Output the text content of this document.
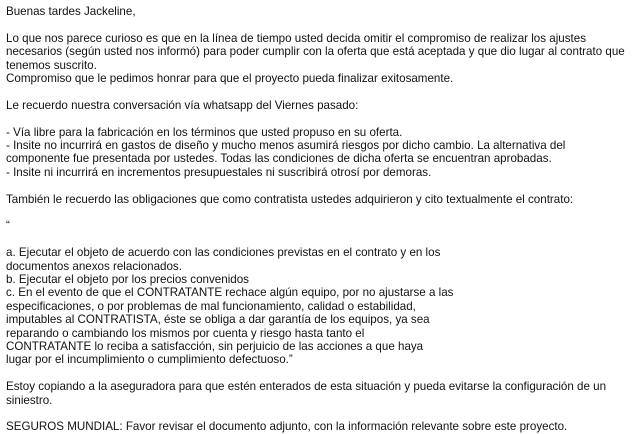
Buenas tardes Jackeline,
Lo que nos parece curioso es que en la línea de tiempo usted decida omitir el compromiso de realizar los ajustes
necesarios (según usted nos informó) para poder cumplir con la oferta que está aceptada y que dio lugar al contrato que
tenemos suscrito.
Compromiso que le pedimos honrar para que el proyecto pueda finalizar exitosamente.
Le recuerdo nuestra conversación vía whatsapp del Viernes pasado:
- Vía libre para la fabricación en los términos que usted propuso en su oferta.
- Insite no incurrirá en gastos de diseño y mucho menos asumirá riesgos por dicho cambio. La alternativa del
componente fue presentada por ustedes. Todas las condiciones de dicha oferta se encuentran aprobadas.
- Insite ni incurrirá en incrementos presupuestales ni suscribirá otrosí por demoras.
También le recuerdo las obligaciones que como contratista ustedes adquirieron y cito textualmente el contrato:
“
a. Ejecutar el objeto de acuerdo con las condiciones previstas en el contrato y en los
documentos anexos relacionados.
b. Ejecutar el objeto por los precios convenidos
c. En el evento de que el CONTRATANTE rechace algún equipo, por no ajustarse a las
especificaciones, o por problemas de mal funcionamiento, calidad o estabilidad,
imputables al CONTRATISTA, éste se obliga a dar garantía de los equipos, ya sea
reparando o cambiando los mismos por cuenta y riesgo hasta tanto el
CONTRATANTE lo reciba a satisfacción, sin perjuicio de las acciones a que haya
lugar por el incumplimiento o cumplimiento defectuoso.”
Estoy copiando a la aseguradora para que estén enterados de esta situación y pueda evitarse la configuración de un
siniestro.
SEGUROS MUNDIAL: Favor revisar el documento adjunto, con la información relevante sobre este proyecto.
